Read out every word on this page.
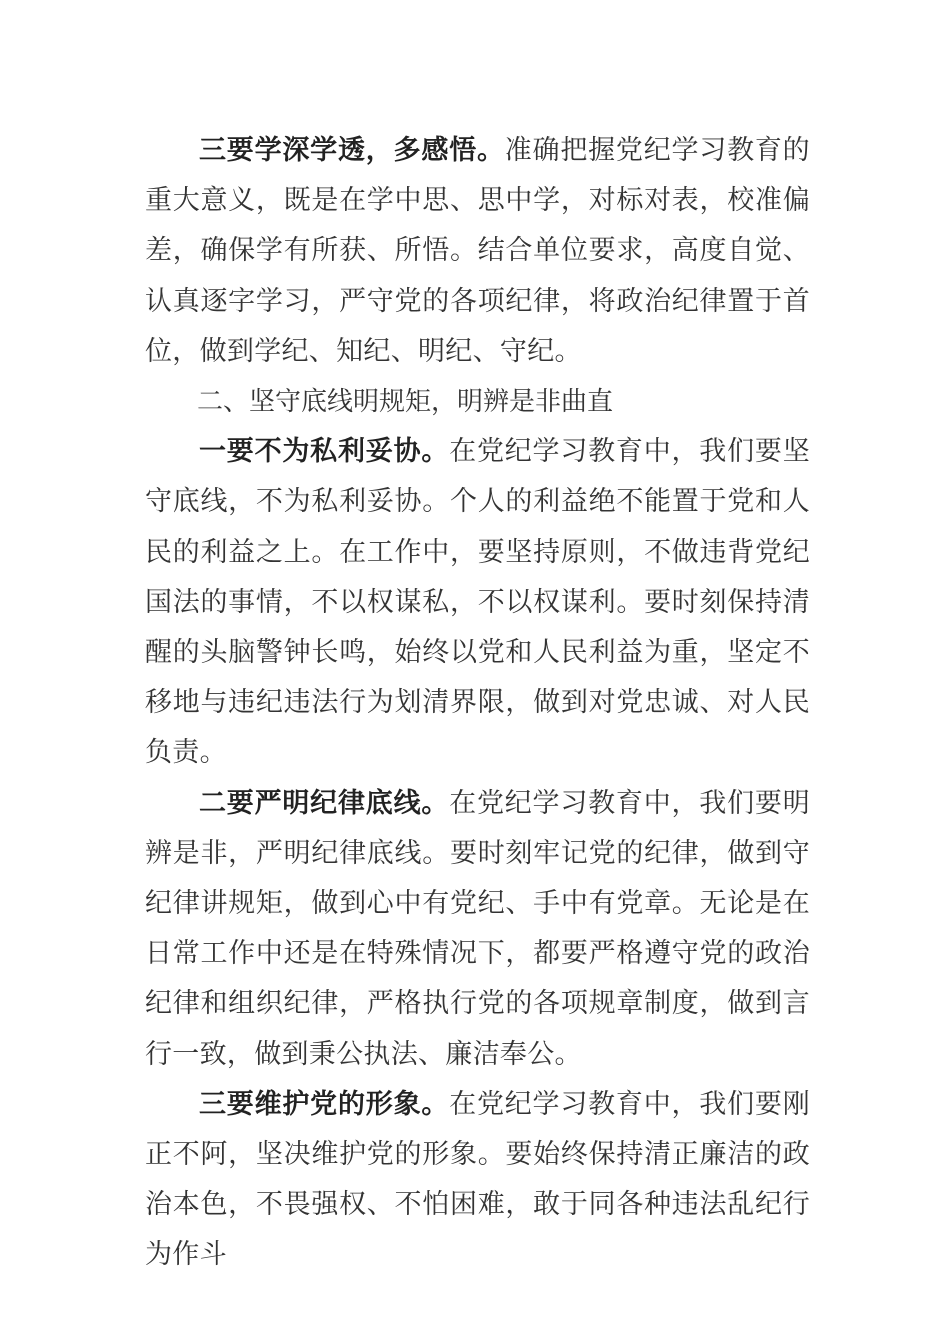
三要学深学透，多感悟。准确把握党纪学习教育的重大意义，既是在学中思、思中学，对标对表，校准偏差，确保学有所获、所悟。结合单位要求，高度自觉、认真逐字学习，严守党的各项纪律，将政治纪律置于首位，做到学纪、知纪、明纪、守纪。

二、坚守底线明规矩，明辨是非曲直

一要不为私利妥协。在党纪学习教育中，我们要坚守底线，不为私利妥协。个人的利益绝不能置于党和人民的利益之上。在工作中，要坚持原则，不做违背党纪国法的事情，不以权谋私，不以权谋利。要时刻保持清醒的头脑警钟长鸣，始终以党和人民利益为重，坚定不移地与违纪违法行为划清界限，做到对党忠诚、对人民负责。

二要严明纪律底线。在党纪学习教育中，我们要明辨是非，严明纪律底线。要时刻牢记党的纪律，做到守纪律讲规矩，做到心中有党纪、手中有党章。无论是在日常工作中还是在特殊情况下，都要严格遵守党的政治纪律和组织纪律，严格执行党的各项规章制度，做到言行一致，做到秉公执法、廉洁奉公。

三要维护党的形象。在党纪学习教育中，我们要刚正不阿，坚决维护党的形象。要始终保持清正廉洁的政治本色，不畏强权、不怕困难，敢于同各种违法乱纪行为作斗
